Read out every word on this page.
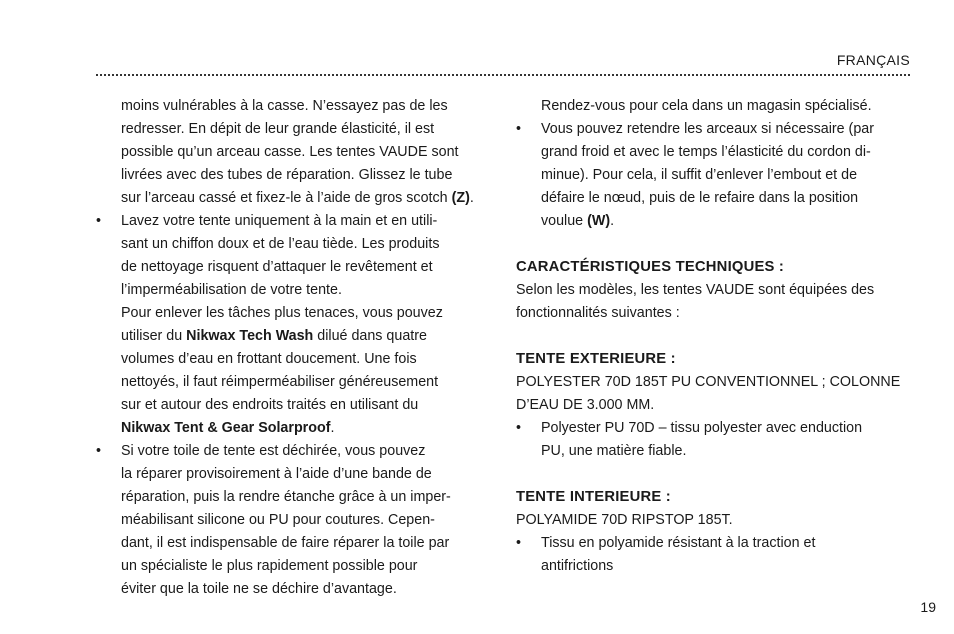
FRANÇAIS
moins vulnérables à la casse. N’essayez pas de les
redresser. En dépit de leur grande élasticité, il est
possible qu’un arceau casse. Les tentes VAUDE sont
livrées avec des tubes de réparation. Glissez le tube
sur l’arceau cassé et fixez-le à l’aide de gros scotch (Z).
• Lavez votre tente uniquement à la main et en utili-
sant un chiffon doux et de l’eau tiède. Les produits
de nettoyage risquent d’attaquer le revêtement et
l’imperméabilisation de votre tente.
Pour enlever les tâches plus tenaces, vous pouvez
utiliser du Nikwax Tech Wash dilué dans quatre
volumes d’eau en frottant doucement. Une fois
nettoyés, il faut réimperméabiliser généreusement
sur et autour des endroits traités en utilisant du
Nikwax Tent & Gear Solarproof.
• Si votre toile de tente est déchirée, vous pouvez
la réparer provisoirement à l’aide d’une bande de
réparation, puis la rendre étanche grâce à un imper-
méabilisant silicone ou PU pour coutures. Cepen-
dant, il est indispensable de faire réparer la toile par
un spécialiste le plus rapidement possible pour
éviter que la toile ne se déchire d’avantage.
Rendez-vous pour cela dans un magasin spécialisé.
• Vous pouvez retendre les arceaux si nécessaire (par
grand froid et avec le temps l’élasticité du cordon di-
minue). Pour cela, il suffit d’enlever l’embout et de
défaire le nœud, puis de le refaire dans la position
voulue (W).
CARACTÉRISTIQUES TECHNIQUES :
Selon les modèles, les tentes VAUDE sont équipées des
fonctionnalités suivantes :
TENTE EXTERIEURE :
POLYESTER 70D 185T PU CONVENTIONNEL ; COLONNE
D’EAU DE 3.000 MM.
• Polyester PU 70D – tissu polyester avec enduction
PU, une matière fiable.
TENTE INTERIEURE :
POLYAMIDE 70D RIPSTOP 185T.
• Tissu en polyamide résistant à la traction et
antifrictions
19
